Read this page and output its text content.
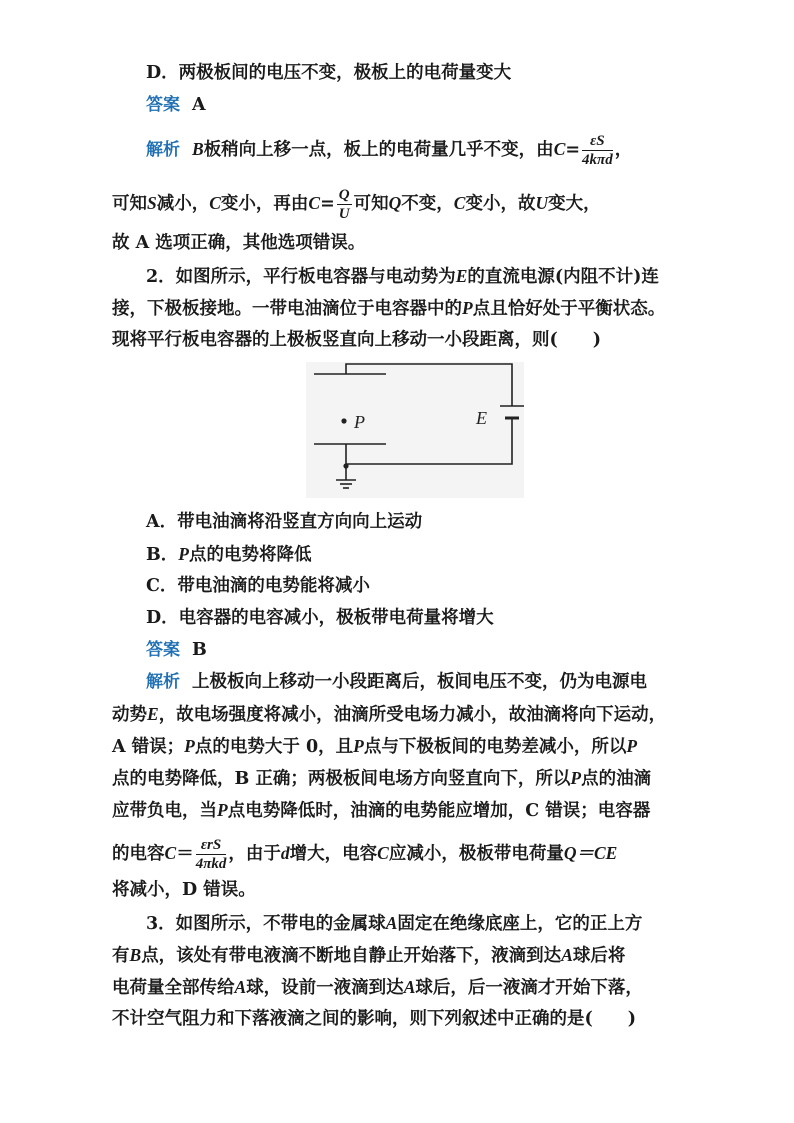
D．两极板间的电压不变，极板上的电荷量变大
答案 A
解析 B板稍向上移一点，板上的电荷量几乎不变，由$C= \frac{\varepsilon S}{\text{4kπd}}$ ，
可知S减小，C变小，再由$C= \frac{Q}{U}$ 可知Q不变，C变小，故U变大，
故 A 选项正确，其他选项错误。
2．如图所示，平行板电容器与电动势为E的直流电源(内阻不计)连
接，下极板接地。一带电油滴位于电容器中的P点且恰好处于平衡状态。
现将平行板电容器的上极板竖直向上移动一小段距离，则(　　)
P	E
A．带电油滴将沿竖直方向向上运动
B．P点的电势将降低
C．带电油滴的电势能将减小
D．电容器的电容减小，极板带电荷量将增大
答案 B
解析 上极板向上移动一小段距离后，板间电压不变，仍为电源电
动势E，故电场强度将减小，油滴所受电场力减小，故油滴将向下运动，
A 错误；P点的电势大于 0，且P点与下极板间的电势差减小，所以P
点的电势降低，B 正确；两极板间电场方向竖直向下，所以P点的油滴
应带负电，当P点电势降低时，油滴的电势能应增加，C 错误；电容器
的电容$C= \frac{\text{εrS}}{\text{4πkd}}$ ，由于d增大，电容C应减小，极板带电荷量Q＝CE
将减小，D 错误。
3．如图所示，不带电的金属球A固定在绝缘底座上，它的正上方
有B点，该处有带电液滴不断地自静止开始落下，液滴到达A球后将
电荷量全部传给A球，设前一液滴到达A球后，后一液滴才开始下落，
不计空气阻力和下落液滴之间的影响，则下列叙述中正确的是(　　)
